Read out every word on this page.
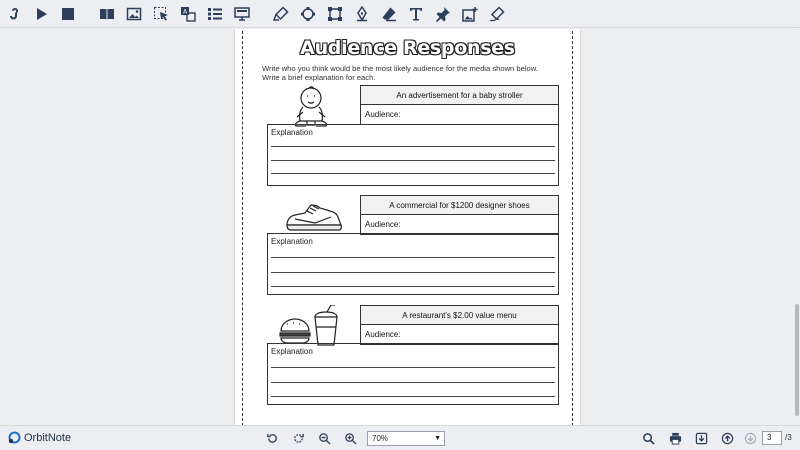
A
Audience Responses
Write who you think would be the most likely audience for the media shown below. Write a brief explanation for each.
An advertisement for a baby stroller
Audience:
Explanation
A commercial for $1200 designer shoes
Audience:
Explanation
A restaurant's $2.00 value menu
Audience:
Explanation
Orbit Note	70%	▼	3	/3
